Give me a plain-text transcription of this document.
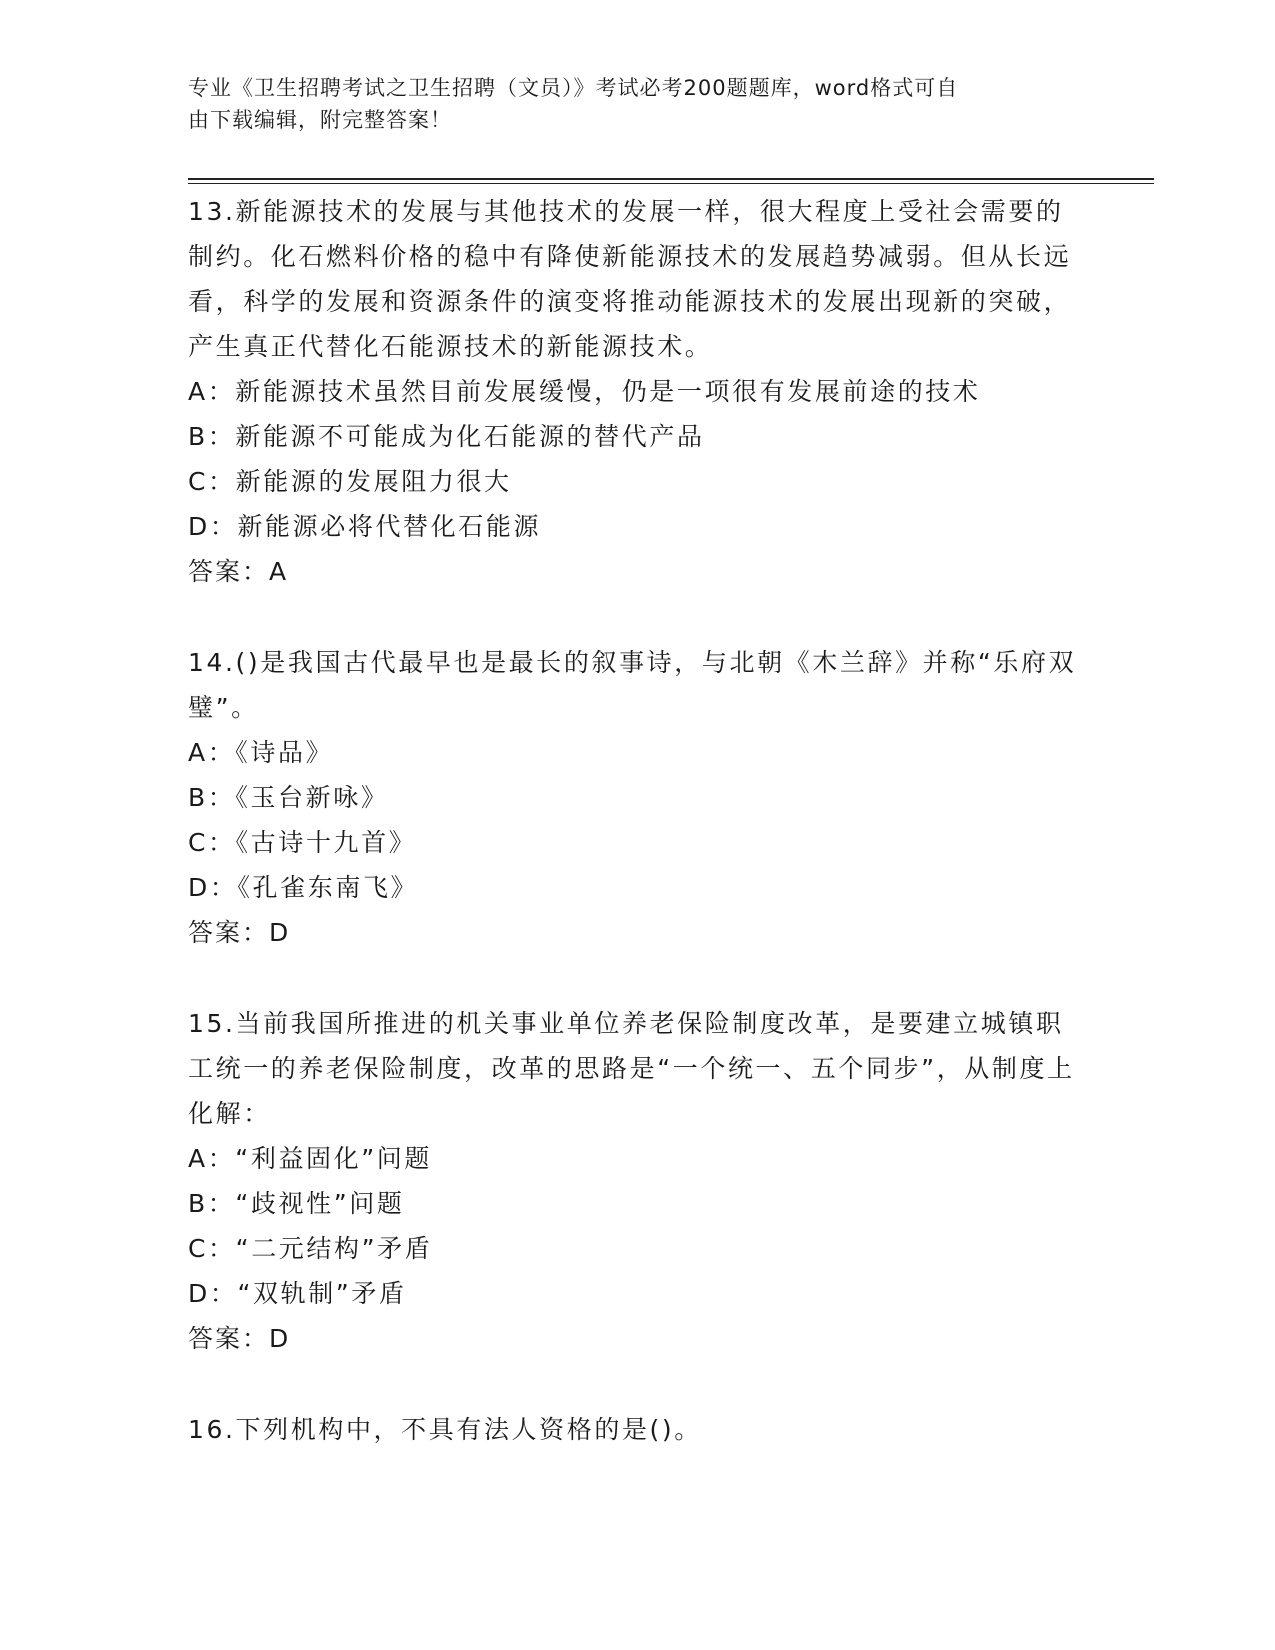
专业《卫生招聘考试之卫生招聘（文员）》考试必考200题题库，word格式可自
由下载编辑，附完整答案！

13.新能源技术的发展与其他技术的发展一样，很大程度上受社会需要的制约。化石燃料价格的稳中有降使新能源技术的发展趋势减弱。但从长远看，科学的发展和资源条件的演变将推动能源技术的发展出现新的突破，产生真正代替化石能源技术的新能源技术。

A：新能源技术虽然目前发展缓慢，仍是一项很有发展前途的技术

B：新能源不可能成为化石能源的替代产品

C：新能源的发展阻力很大

D：新能源必将代替化石能源

答案：A

14.()是我国古代最早也是最长的叙事诗，与北朝《木兰辞》并称“乐府双璧”。

A：《诗品》

B：《玉台新咏》

C：《古诗十九首》

D：《孔雀东南飞》

答案：D

15.当前我国所推进的机关事业单位养老保险制度改革，是要建立城镇职工统一的养老保险制度，改革的思路是“一个统一、五个同步”，从制度上化解：

A：“利益固化”问题

B：“歧视性”问题

C：“二元结构”矛盾

D：“双轨制”矛盾

答案：D

16.下列机构中，不具有法人资格的是()。
